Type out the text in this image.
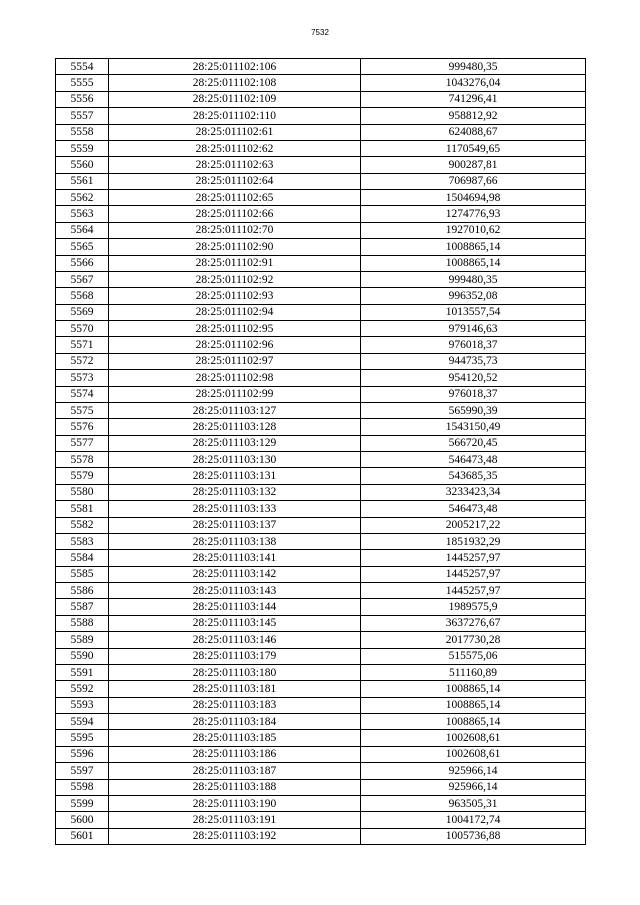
7532
5554	28:25:011102:106	999480,35
5555	28:25:011102:108	1043276,04
5556	28:25:011102:109	741296,41
5557	28:25:011102:110	958812,92
5558	28:25:011102:61	624088,67
5559	28:25:011102:62	1170549,65
5560	28:25:011102:63	900287,81
5561	28:25:011102:64	706987,66
5562	28:25:011102:65	1504694,98
5563	28:25:011102:66	1274776,93
5564	28:25:011102:70	1927010,62
5565	28:25:011102:90	1008865,14
5566	28:25:011102:91	1008865,14
5567	28:25:011102:92	999480,35
5568	28:25:011102:93	996352,08
5569	28:25:011102:94	1013557,54
5570	28:25:011102:95	979146,63
5571	28:25:011102:96	976018,37
5572	28:25:011102:97	944735,73
5573	28:25:011102:98	954120,52
5574	28:25:011102:99	976018,37
5575	28:25:011103:127	565990,39
5576	28:25:011103:128	1543150,49
5577	28:25:011103:129	566720,45
5578	28:25:011103:130	546473,48
5579	28:25:011103:131	543685,35
5580	28:25:011103:132	3233423,34
5581	28:25:011103:133	546473,48
5582	28:25:011103:137	2005217,22
5583	28:25:011103:138	1851932,29
5584	28:25:011103:141	1445257,97
5585	28:25:011103:142	1445257,97
5586	28:25:011103:143	1445257,97
5587	28:25:011103:144	1989575,9
5588	28:25:011103:145	3637276,67
5589	28:25:011103:146	2017730,28
5590	28:25:011103:179	515575,06
5591	28:25:011103:180	511160,89
5592	28:25:011103:181	1008865,14
5593	28:25:011103:183	1008865,14
5594	28:25:011103:184	1008865,14
5595	28:25:011103:185	1002608,61
5596	28:25:011103:186	1002608,61
5597	28:25:011103:187	925966,14
5598	28:25:011103:188	925966,14
5599	28:25:011103:190	963505,31
5600	28:25:011103:191	1004172,74
5601	28:25:011103:192	1005736,88
